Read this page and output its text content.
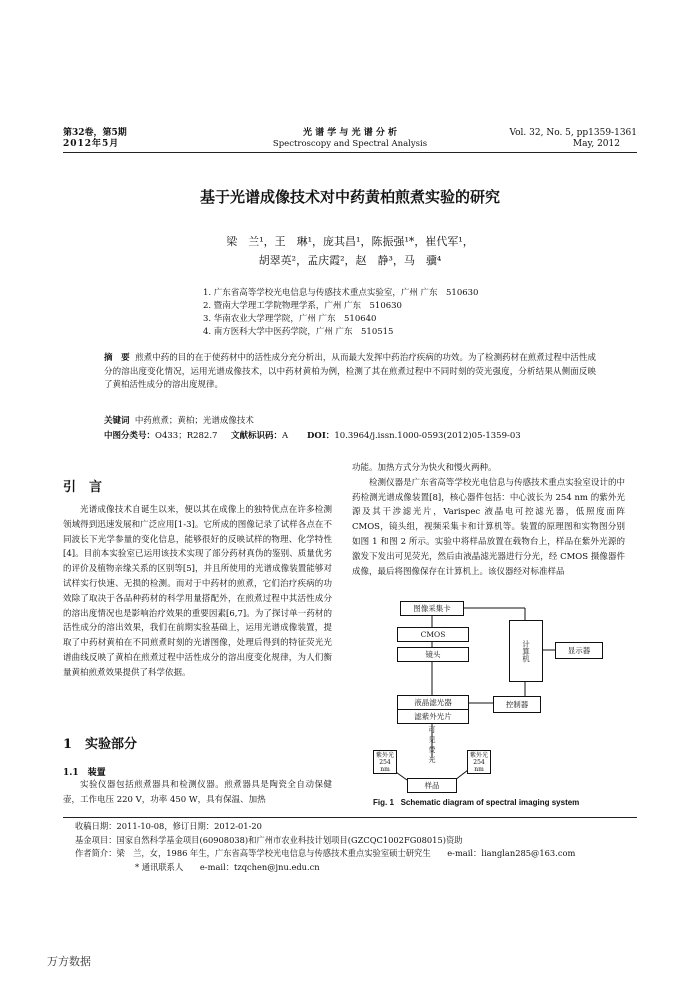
第32卷，第5期
2012年5月
光 谱 学 与 光 谱 分 析
Spectroscopy and Spectral Analysis
Vol. 32, No. 5, pp1359-1361
May, 2012
基于光谱成像技术对中药黄柏煎煮实验的研究
梁　兰¹，王　琳¹，庞其昌¹，陈振强¹*，崔代军¹，
胡翠英²，孟庆霞²，赵　静³，马　骥⁴
1. 广东省高等学校光电信息与传感技术重点实验室，广州 广东　510630
2. 暨南大学理工学院物理学系，广州 广东　510630
3. 华南农业大学理学院，广州 广东　510640
4. 南方医科大学中医药学院，广州 广东　510515
摘　要 煎煮中药的目的在于使药材中的活性成分充分析出，从而最大发挥中药治疗疾病的功效。为了检测药材在煎煮过程中活性成分的溶出度变化情况，运用光谱成像技术，以中药材黄柏为例，检测了其在煎煮过程中不同时刻的荧光强度，分析结果从侧面反映了黄柏活性成分的溶出度规律。
关键词 中药煎煮；黄柏；光谱成像技术
中图分类号：O433；R282.7 文献标识码：A DOI：10.3964/j.issn.1000-0593(2012)05-1359-03
引　言

光谱成像技术自诞生以来，便以其在成像上的独特优点在许多检测领域得到迅速发展和广泛应用[1-3]。它所成的图像记录了试样各点在不同波长下光学参量的变化信息，能够很好的反映试样的物理、化学特性[4]。目前本实验室已运用该技术实现了部分药材真伪的鉴别、质量优劣的评价及植物亲缘关系的区别等[5]，并且所使用的光谱成像装置能够对试样实行快速、无损的检测。而对于中药材的煎煮，它们治疗疾病的功效除了取决于各品种药材的科学用量搭配外，在煎煮过程中其活性成分的溶出度情况也是影响治疗效果的重要因素[6,7]。为了探讨单一药材的活性成分的溶出效果，我们在前期实验基础上，运用光谱成像装置，提取了中药材黄柏在不同煎煮时刻的光谱图像，处理后得到的特征荧光光谱曲线反映了黄柏在煎煮过程中活性成分的溶出度变化规律，为人们衡量黄柏煎煮效果提供了科学依据。

1　实验部分
1.1　装置

实验仪器包括煎煮器具和检测仪器。煎煮器具是陶瓷全自动保健壶，工作电压 220 V，功率 450 W，具有保温、加热

功能。加热方式分为快火和慢火两种。

检测仪器是广东省高等学校光电信息与传感技术重点实验室设计的中药检测光谱成像装置[8]，核心器件包括：中心波长为 254 nm 的紫外光源及其干涉滤光片，Varispec 液晶电可控滤光器，低照度面阵 CMOS，镜头组，视频采集卡和计算机等。装置的原理图和实物图分别如图 1 和图 2 所示。实验中将样品放置在载物台上，样品在紫外光源的激发下发出可见荧光，然后由液晶滤光器进行分光，经 CMOS 摄像器件成像，最后将图像保存在计算机上。该仪器经对标准样品

图像采集卡
CMOS
镜头	计算机	显示器
液晶滤光器
滤紫外光片
控制器
紫外光254 nm
紫外光254 nm
可见荧光
样品
Fig. 1 Schematic diagram of spectral imaging system
收稿日期：2011-10-08，修订日期：2012-01-20
基金项目：国家自然科学基金项目(60908038)和广州市农业科技计划项目(GZCQC1002FG08015)资助
作者简介：梁　兰，女，1986 年生，广东省高等学校光电信息与传感技术重点实验室硕士研究生　　e-mail：lianglan285@163.com
* 通讯联系人　　e-mail：tzqchen@jnu.edu.cn
万方数据
